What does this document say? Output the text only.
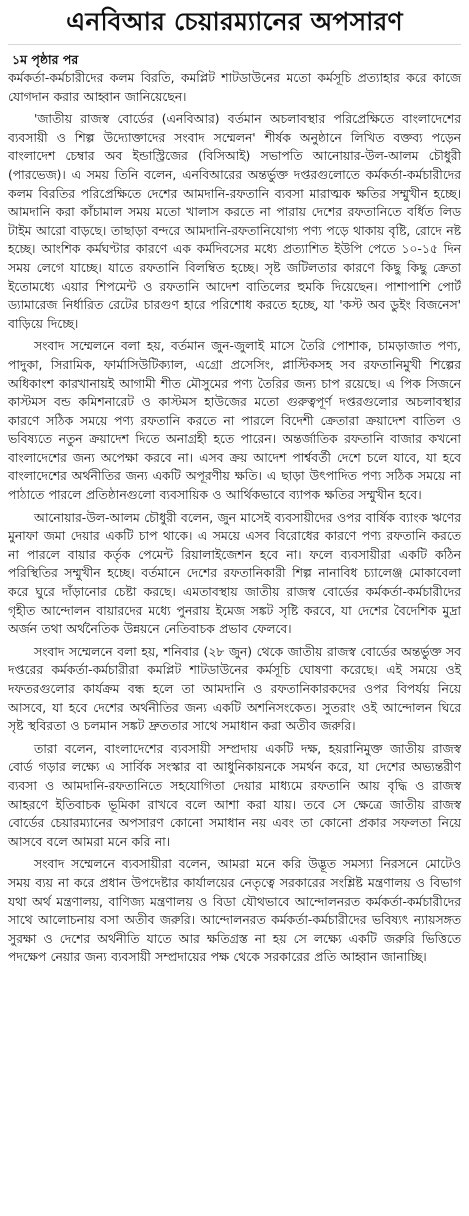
এনবিআর চেয়ারম্যানের অপসারণ
১ম পৃষ্ঠার পর

কর্মকর্তা-কর্মচারীদের কলম বিরতি, কমপ্লিট শাটডাউনের মতো কর্মসূচি প্রত্যাহার করে কাজে যোগদান করার আহ্বান জানিয়েছেন।

'জাতীয় রাজস্ব বোর্ডের (এনবিআর) বর্তমান অচলাবস্থার পরিপ্রেক্ষিতে বাংলাদেশের ব্যবসায়ী ও শিল্প উদ্যোক্তাদের সংবাদ সম্মেলন' শীর্ষক অনুষ্ঠানে লিখিত বক্তব্য পড়েন বাংলাদেশ চেম্বার অব ইন্ডাস্ট্রিজের (বিসিআই) সভাপতি আনোয়ার-উল-আলম চৌধুরী (পারভেজ)। এ সময় তিনি বলেন, এনবিআরের অন্তর্ভুক্ত দপ্তরগুলোতে কর্মকর্তা-কর্মচারীদের কলম বিরতির পরিপ্রেক্ষিতে দেশের আমদানি-রফতানি ব্যবসা মারাত্মক ক্ষতির সম্মুখীন হচ্ছে। আমদানি করা কাঁচামাল সময় মতো খালাস করতে না পারায় দেশের রফতানিতে বর্ধিত লিড টাইম আরো বাড়ছে। তাছাড়া বন্দরে আমদানি-রফতানিযোগ্য পণ্য পড়ে থাকায় বৃষ্টি, রোদে নষ্ট হচ্ছে। আংশিক কর্মঘণ্টার কারণে এক কর্মদিবসের মধ্যে প্রত্যাশিত ইউপি পেতে ১০-১৫ দিন সময় লেগে যাচ্ছে। যাতে রফতানি বিলম্বিত হচ্ছে। সৃষ্ট জটিলতার কারণে কিছু কিছু ক্রেতা ইতোমধ্যে এয়ার শিপমেন্ট ও রফতানি আদেশ বাতিলের হুমকি দিয়েছেন। পাশাপাশি পোর্ট ড্যামারেজ নির্ধারিত রেটের চারগুণ হারে পরিশোধ করতে হচ্ছে, যা 'কস্ট অব ডুইং বিজনেস' বাড়িয়ে দিচ্ছে।

সংবাদ সম্মেলনে বলা হয়, বর্তমান জুন-জুলাই মাসে তৈরি পোশাক, চামড়াজাত পণ্য, পাদুকা, সিরামিক, ফার্মাসিউটিক্যাল, এগ্রো প্রসেসিং, প্লাস্টিকসহ সব রফতানিমুখী শিল্পের অধিকাংশ কারখানায়ই আগামী শীত মৌসুমের পণ্য তৈরির জন্য চাপ রয়েছে। এ পিক সিজনে কাস্টমস বন্ড কমিশনারেট ও কাস্টমস হাউজের মতো গুরুত্বপূর্ণ দপ্তরগুলোর অচলাবস্থার কারণে সঠিক সময়ে পণ্য রফতানি করতে না পারলে বিদেশী ক্রেতারা ক্রয়াদেশ বাতিল ও ভবিষ্যতে নতুন ক্রয়াদেশ দিতে অনাগ্রহী হতে পারেন। অন্তর্জাতিক রফতানি বাজার কখনো বাংলাদেশের জন্য অপেক্ষা করবে না। এসব ক্রয় আদেশ পার্শ্ববর্তী দেশে চলে যাবে, যা হবে বাংলাদেশের অর্থনীতির জন্য একটি অপূরণীয় ক্ষতি। এ ছাড়া উৎপাদিত পণ্য সঠিক সময়ে না পাঠাতে পারলে প্রতিষ্ঠানগুলো ব্যবসায়িক ও আর্থিকভাবে ব্যাপক ক্ষতির সম্মুখীন হবে।

আনোয়ার-উল-আলম চৌধুরী বলেন, জুন মাসেই ব্যবসায়ীদের ওপর বার্ষিক ব্যাংক ঋণের মুনাফা জমা দেয়ার একটি চাপ থাকে। এ সময়ে এসব বিরোধের কারণে পণ্য রফতানি করতে না পারলে বায়ার কর্তৃক পেমেন্ট রিয়ালাইজেশন হবে না। ফলে ব্যবসায়ীরা একটি কঠিন পরিস্থিতির সম্মুখীন হচ্ছে। বর্তমানে দেশের রফতানিকারী শিল্প নানাবিধ চ্যালেঞ্জ মোকাবেলা করে ঘুরে দাঁড়ানোর চেষ্টা করছে। এমতাবস্থায় জাতীয় রাজস্ব বোর্ডের কর্মকর্তা-কর্মচারীদের গৃহীত আন্দোলন বায়ারদের মধ্যে পুনরায় ইমেজ সঙ্কট সৃষ্টি করবে, যা দেশের বৈদেশিক মুদ্রা অর্জন তথা অর্থনৈতিক উন্নয়নে নেতিবাচক প্রভাব ফেলবে।

সংবাদ সম্মেলনে বলা হয়, শনিবার (২৮ জুন) থেকে জাতীয় রাজস্ব বোর্ডের অন্তর্ভুক্ত সব দপ্তরের কর্মকর্তা-কর্মচারীরা কমপ্লিট শাটডাউনের কর্মসূচি ঘোষণা করেছে। এই সময়ে ওই দফতরগুলোর কার্যক্রম বন্ধ হলে তা আমদানি ও রফতানিকারকদের ওপর বিপর্যয় নিয়ে আসবে, যা হবে দেশের অর্থনীতির জন্য একটি অশনিসংকেত। সুতরাং ওই আন্দোলন ঘিরে সৃষ্ট স্থবিরতা ও চলমান সঙ্কট দ্রুততার সাথে সমাধান করা অতীব জরুরি।

তারা বলেন, বাংলাদেশের ব্যবসায়ী সম্প্রদায় একটি দক্ষ, হয়রানিমুক্ত জাতীয় রাজস্ব বোর্ড গড়ার লক্ষ্যে এ সার্বিক সংস্কার বা আধুনিকায়নকে সমর্থন করে, যা দেশের অভ্যন্তরীণ ব্যবসা ও আমদানি-রফতানিতে সহযোগিতা দেয়ার মাধ্যমে রফতানি আয় বৃদ্ধি ও রাজস্ব আহরণে ইতিবাচক ভূমিকা রাখবে বলে আশা করা যায়। তবে সে ক্ষেত্রে জাতীয় রাজস্ব বোর্ডের চেয়ারম্যানের অপসারণ কোনো সমাধান নয় এবং তা কোনো প্রকার সফলতা নিয়ে আসবে বলে আমরা মনে করি না।

সংবাদ সম্মেলনে ব্যবসায়ীরা বলেন, আমরা মনে করি উদ্ভূত সমস্যা নিরসনে মোটেও সময় ব্যয় না করে প্রধান উপদেষ্টার কার্যালয়ের নেতৃত্বে সরকারের সংশ্লিষ্ট মন্ত্রণালয় ও বিভাগ যথা অর্থ মন্ত্রণালয়, বাণিজ্য মন্ত্রণালয় ও বিডা যৌথভাবে আন্দোলনরত কর্মকর্তা-কর্মচারীদের সাথে আলোচনায় বসা অতীব জরুরি। আন্দোলনরত কর্মকর্তা-কর্মচারীদের ভবিষ্যৎ ন্যায়সঙ্গত সুরক্ষা ও দেশের অর্থনীতি যাতে আর ক্ষতিগ্রস্ত না হয় সে লক্ষ্যে একটি জরুরি ভিত্তিতে পদক্ষেপ নেয়ার জন্য ব্যবসায়ী সম্প্রদায়ের পক্ষ থেকে সরকারের প্রতি আহ্বান জানাচ্ছি।
